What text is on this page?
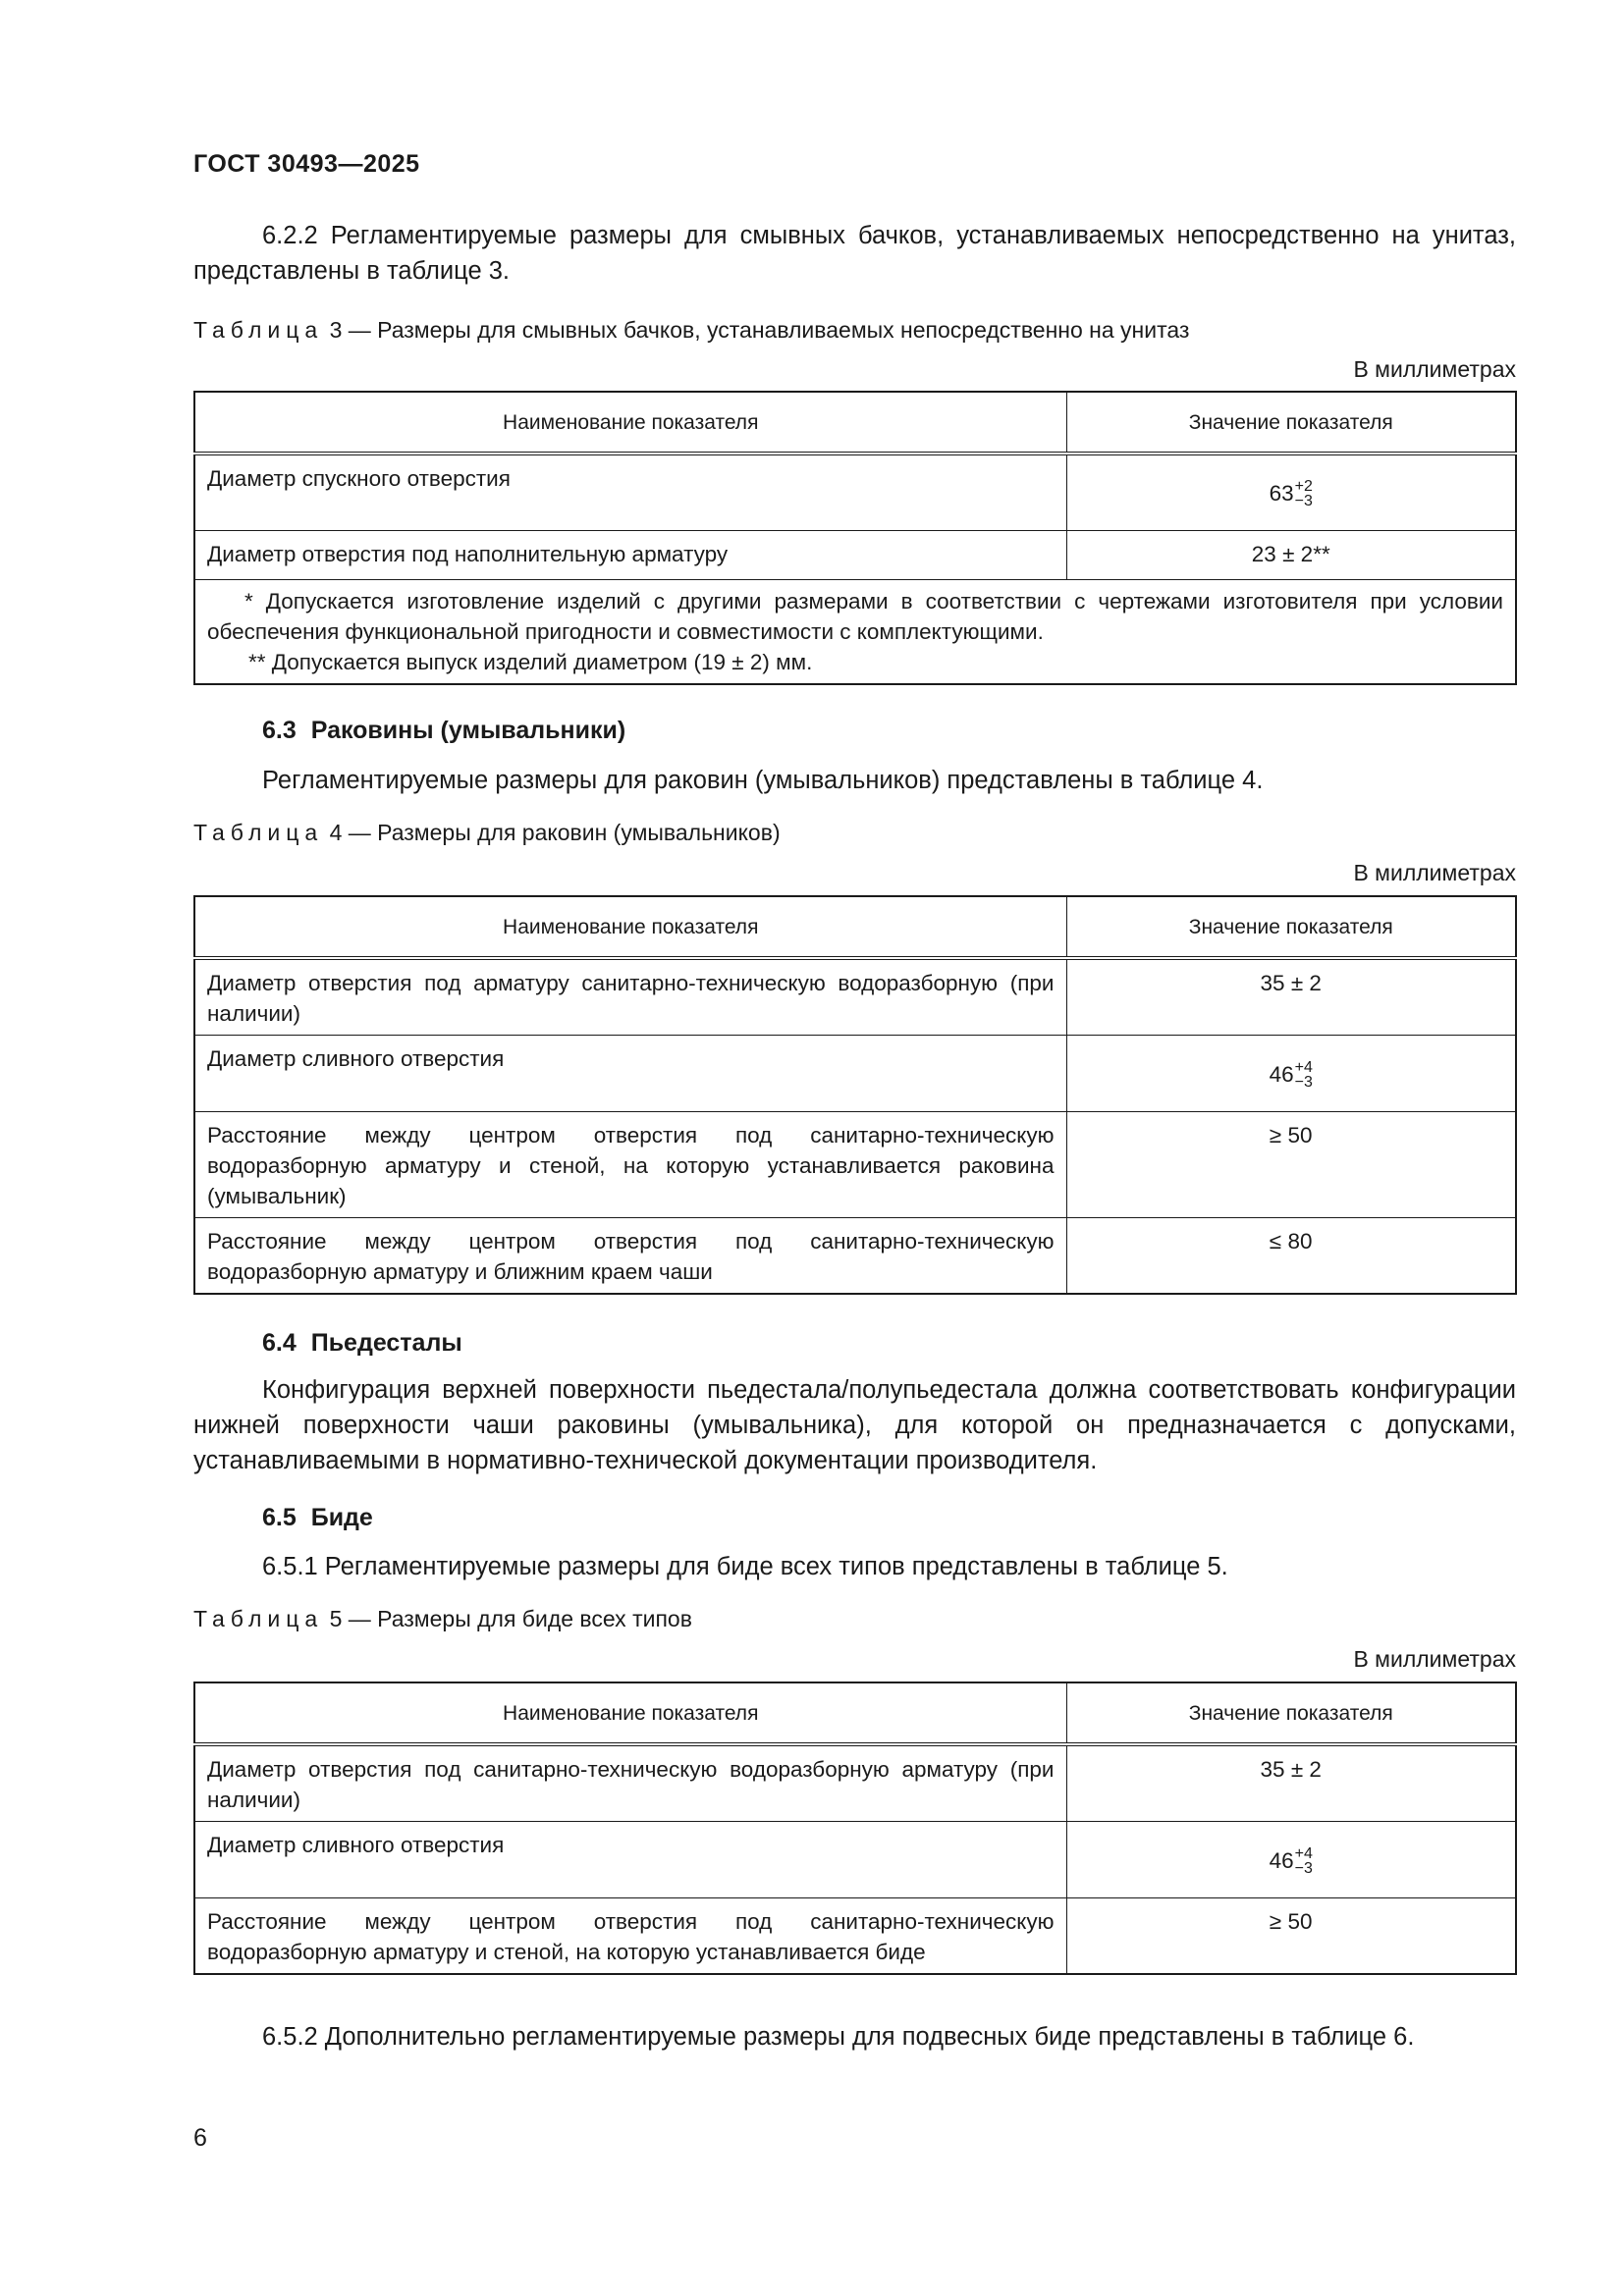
ГОСТ 30493—2025

6.2.2 Регламентируемые размеры для смывных бачков, устанавливаемых непосредственно на унитаз, представлены в таблице 3.

Таблица 3 — Размеры для смывных бачков, устанавливаемых непосредственно на унитаз
В миллиметрах
Наименование показателя	Значение показателя
Диаметр спускного отверстия	63 +2
−3

Диаметр отверстия под наполнительную арматуру	23 ± 2**

* Допускается изготовление изделий с другими размерами в соответствии с чертежами изготовителя при условии обеспечения функциональной пригодности и совместимости с комплектующими.

** Допускается выпуск изделий диаметром (19 ± 2) мм.	

6.3 Раковины (умывальники)

Регламентируемые размеры для раковин (умывальников) представлены в таблице 4.

Таблица 4 — Размеры для раковин (умывальников)
В миллиметрах
Наименование показателя	Значение показателя
Диаметр отверстия под арматуру санитарно-техническую водоразборную (при наличии)	35 ± 2
Диаметр сливного отверстия	46 +4
−3

Расстояние между центром отверстия под санитарно-техническую водоразборную арматуру и стеной, на которую устанавливается раковина (умывальник)	≥ 50
Расстояние между центром отверстия под санитарно-техническую водоразборную арматуру и ближним краем чаши	≤ 80
6.4 Пьедесталы

Конфигурация верхней поверхности пьедестала/полупьедестала должна соответствовать конфигурации нижней поверхности чаши раковины (умывальника), для которой он предназначается с допусками, устанавливаемыми в нормативно-технической документации производителя.

6.5 Биде

6.5.1 Регламентируемые размеры для биде всех типов представлены в таблице 5.

Таблица 5 — Размеры для биде всех типов
В миллиметрах
Наименование показателя	Значение показателя
Диаметр отверстия под санитарно-техническую водоразборную арматуру (при наличии)	35 ± 2
Диаметр сливного отверстия	46 +4
−3

Расстояние между центром отверстия под санитарно-техническую водоразборную арматуру и стеной, на которую устанавливается биде	≥ 50

6.5.2 Дополнительно регламентируемые размеры для подвесных биде представлены в таблице 6.

6
